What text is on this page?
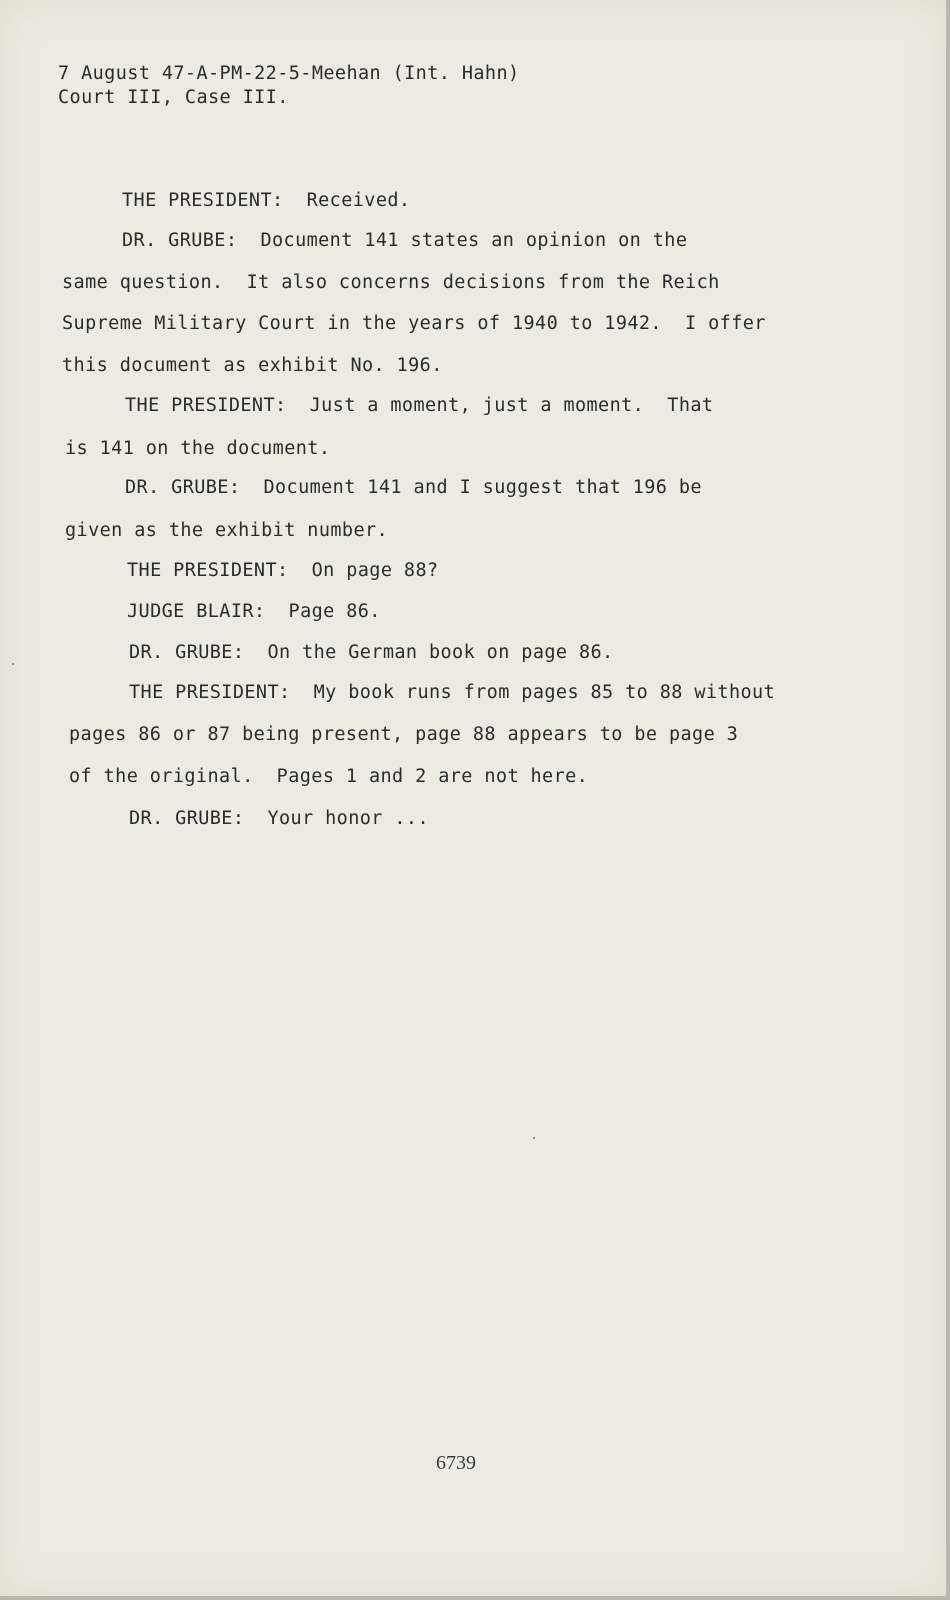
7 August 47-A-PM-22-5-Meehan (Int. Hahn)
Court III, Case III.
THE PRESIDENT:  Received.
DR. GRUBE:  Document 141 states an opinion on the
same question.  It also concerns decisions from the Reich
Supreme Military Court in the years of 1940 to 1942.  I offer
this document as exhibit No. 196.
THE PRESIDENT:  Just a moment, just a moment.  That
is 141 on the document.
DR. GRUBE:  Document 141 and I suggest that 196 be
given as the exhibit number.
THE PRESIDENT:  On page 88?
JUDGE BLAIR:  Page 86.
DR. GRUBE:  On the German book on page 86.
THE PRESIDENT:  My book runs from pages 85 to 88 without
pages 86 or 87 being present, page 88 appears to be page 3
of the original.  Pages 1 and 2 are not here.
DR. GRUBE:  Your honor ...
6739
